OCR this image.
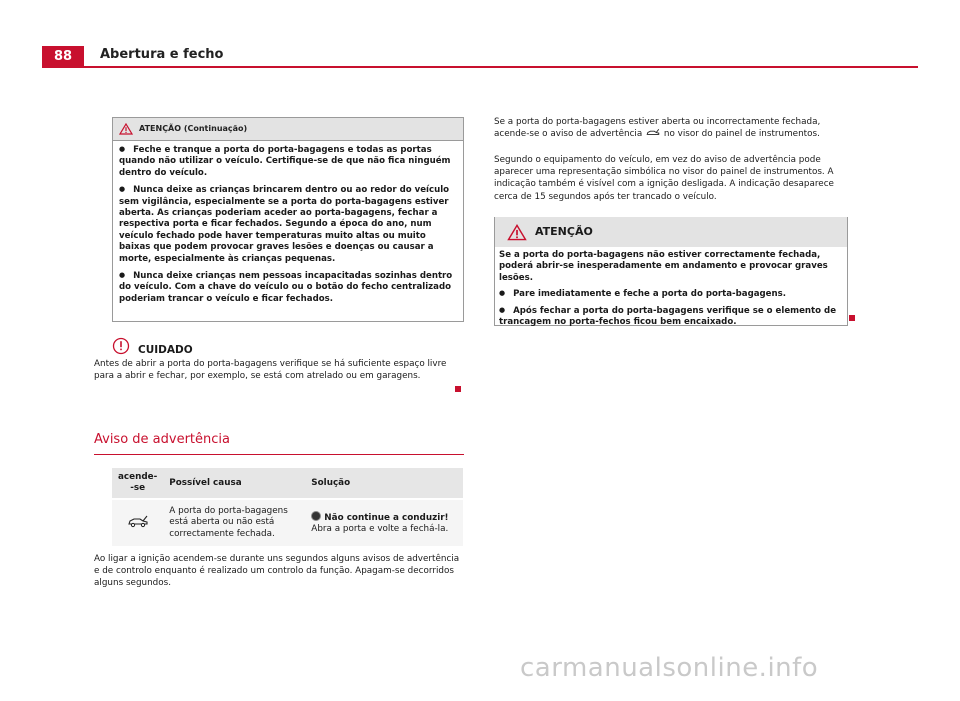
88	Abertura e fecho
ATENÇÃO (Continuação)

● Feche e tranque a porta do porta-bagagens e todas as portas quando não utilizar o veículo. Certifique-se de que não fica ninguém dentro do veículo.

● Nunca deixe as crianças brincarem dentro ou ao redor do veículo sem vigilância, especialmente se a porta do porta-bagagens estiver aberta. As crianças poderiam aceder ao porta-bagagens, fechar a respectiva porta e ficar fechados. Segundo a época do ano, num veículo fechado pode haver temperaturas muito altas ou muito baixas que podem provocar graves lesões e doenças ou causar a morte, especialmente às crianças pequenas.

● Nunca deixe crianças nem pessoas incapacitadas sozinhas dentro do veículo. Com a chave do veículo ou o botão do fecho centralizado poderiam trancar o veículo e ficar fechados.

CUIDADO
Antes de abrir a porta do porta-bagagens verifique se há suficiente espaço livre para a abrir e fechar, por exemplo, se está com atrelado ou em garagens.
Aviso de advertência
acende-
-se	Possível causa	Solução

	A porta do porta-bagagens está aberta ou não está correctamente fechada.	Não continue a conduzir!
Abra a porta e volte a fechá-la.
Ao ligar a ignição acendem-se durante uns segundos alguns avisos de advertência e de controlo enquanto é realizado um controlo da função. Apagam-se decorridos alguns segundos.
Se a porta do porta-bagagens estiver aberta ou incorrectamente fechada, acende-se o aviso de advertência no visor do painel de instrumentos.
Segundo o equipamento do veículo, em vez do aviso de advertência pode aparecer uma representação simbólica no visor do painel de instrumentos. A indicação também é visível com a ignição desligada. A indicação desaparece cerca de 15 segundos após ter trancado o veículo.
ATENÇÃO

Se a porta do porta-bagagens não estiver correctamente fechada, poderá abrir-se inesperadamente em andamento e provocar graves lesões.

● Pare imediatamente e feche a porta do porta-bagagens.

● Após fechar a porta do porta-bagagens verifique se o elemento de trancagem no porta-fechos ficou bem encaixado.

carmanualsonline.info
